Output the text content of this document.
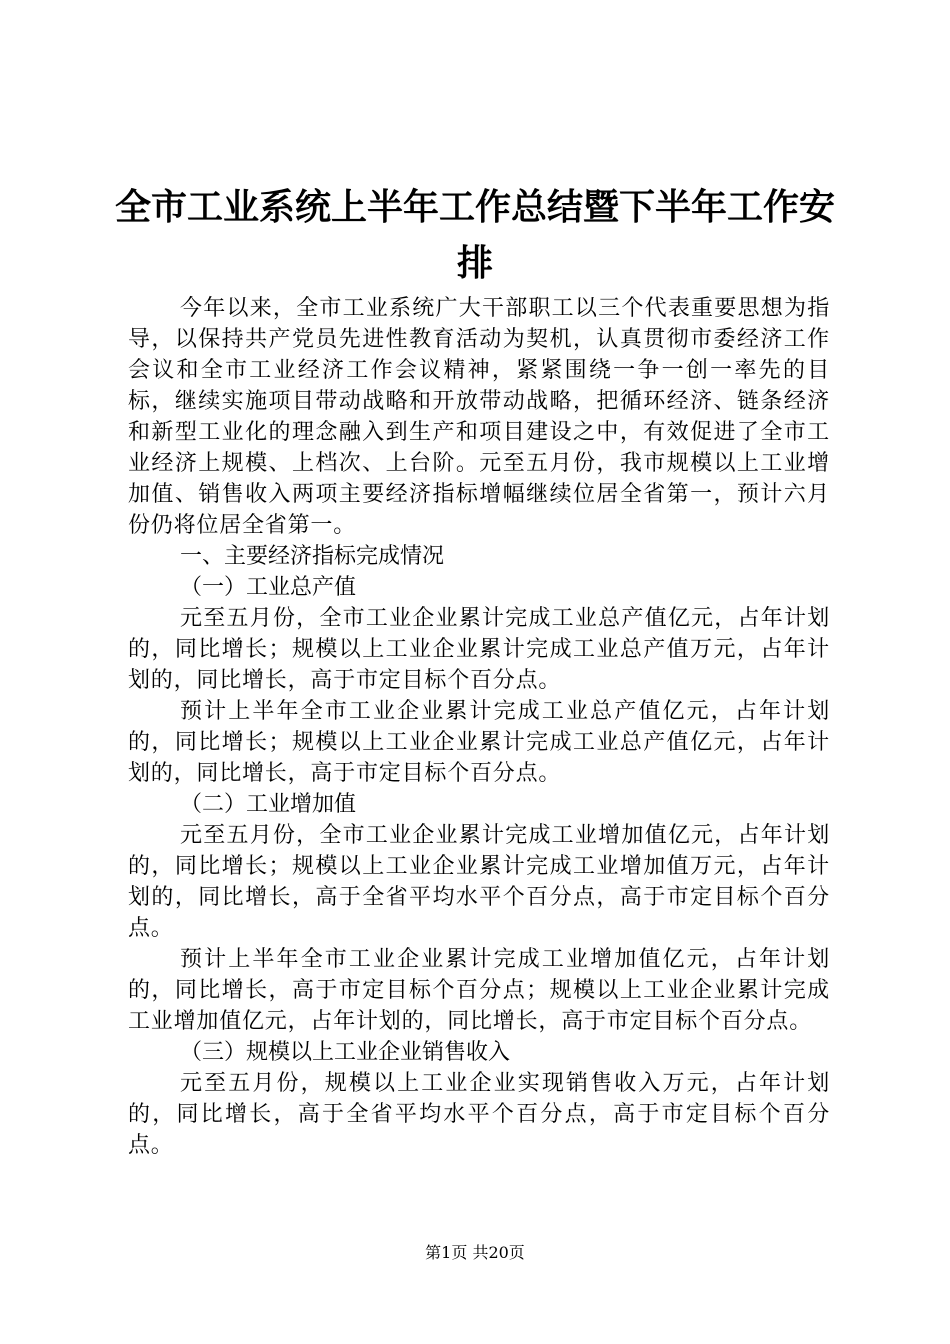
全市工业系统上半年工作总结暨下半年工作安排

今年以来，全市工业系统广大干部职工以三个代表重要思想为指导，以保持共产党员先进性教育活动为契机，认真贯彻市委经济工作会议和全市工业经济工作会议精神，紧紧围绕一争一创一率先的目标，继续实施项目带动战略和开放带动战略，把循环经济、链条经济和新型工业化的理念融入到生产和项目建设之中，有效促进了全市工业经济上规模、上档次、上台阶。元至五月份，我市规模以上工业增加值、销售收入两项主要经济指标增幅继续位居全省第一，预计六月份仍将位居全省第一。

一、主要经济指标完成情况

（一）工业总产值

元至五月份，全市工业企业累计完成工业总产值亿元，占年计划的，同比增长；规模以上工业企业累计完成工业总产值万元，占年计划的，同比增长，高于市定目标个百分点。

预计上半年全市工业企业累计完成工业总产值亿元，占年计划的，同比增长；规模以上工业企业累计完成工业总产值亿元，占年计划的，同比增长，高于市定目标个百分点。

（二）工业增加值

元至五月份，全市工业企业累计完成工业增加值亿元，占年计划的，同比增长；规模以上工业企业累计完成工业增加值万元，占年计划的，同比增长，高于全省平均水平个百分点，高于市定目标个百分点。

预计上半年全市工业企业累计完成工业增加值亿元，占年计划的，同比增长，高于市定目标个百分点；规模以上工业企业累计完成工业增加值亿元，占年计划的，同比增长，高于市定目标个百分点。

（三）规模以上工业企业销售收入

元至五月份，规模以上工业企业实现销售收入万元，占年计划的，同比增长，高于全省平均水平个百分点，高于市定目标个百分点。

第1页 共20页
